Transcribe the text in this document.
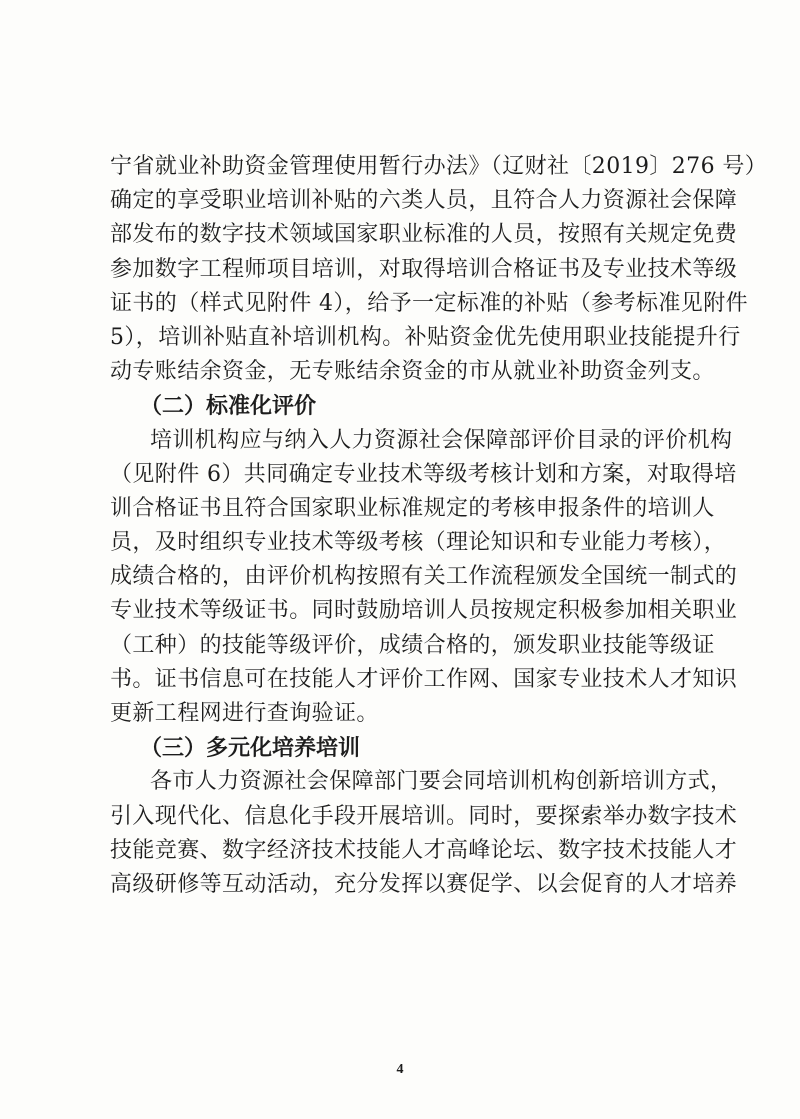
宁省就业补助资金管理使用暂行办法》（辽财社〔2019〕276 号）
确定的享受职业培训补贴的六类人员，且符合人力资源社会保障
部发布的数字技术领域国家职业标准的人员，按照有关规定免费
参加数字工程师项目培训，对取得培训合格证书及专业技术等级
证书的（样式见附件 4），给予一定标准的补贴（参考标准见附件
5），培训补贴直补培训机构。补贴资金优先使用职业技能提升行
动专账结余资金，无专账结余资金的市从就业补助资金列支。
（二）标准化评价
培训机构应与纳入人力资源社会保障部评价目录的评价机构
（见附件 6）共同确定专业技术等级考核计划和方案，对取得培
训合格证书且符合国家职业标准规定的考核申报条件的培训人
员，及时组织专业技术等级考核（理论知识和专业能力考核），
成绩合格的，由评价机构按照有关工作流程颁发全国统一制式的
专业技术等级证书。同时鼓励培训人员按规定积极参加相关职业
（工种）的技能等级评价，成绩合格的，颁发职业技能等级证
书。证书信息可在技能人才评价工作网、国家专业技术人才知识
更新工程网进行查询验证。
（三）多元化培养培训
各市人力资源社会保障部门要会同培训机构创新培训方式，
引入现代化、信息化手段开展培训。同时，要探索举办数字技术
技能竞赛、数字经济技术技能人才高峰论坛、数字技术技能人才
高级研修等互动活动，充分发挥以赛促学、以会促育的人才培养
4
